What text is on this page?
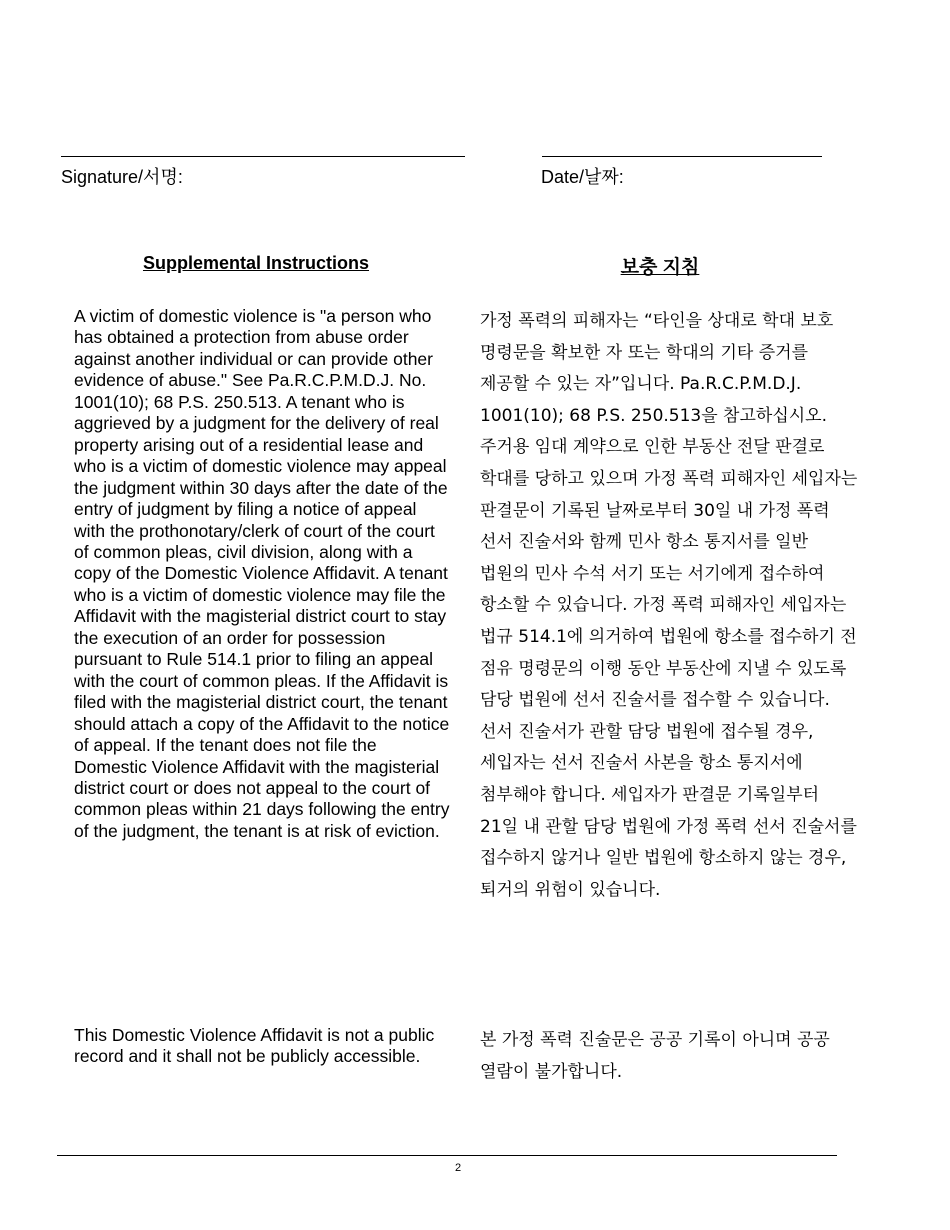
Signature/서명:	Date/날짜:
Supplemental Instructions	보충 지침

A victim of domestic violence is "a person who has obtained a protection from abuse order against another individual or can provide other evidence of abuse." See Pa.R.C.P.M.D.J. No. 1001(10); 68 P.S. 250.513. A tenant who is aggrieved by a judgment for the delivery of real property arising out of a residential lease and who is a victim of domestic violence may appeal the judgment within 30 days after the date of the entry of judgment by filing a notice of appeal with the prothonotary/clerk of court of the court of common pleas, civil division, along with a copy of the Domestic Violence Affidavit. A tenant who is a victim of domestic violence may file the Affidavit with the magisterial district court to stay the execution of an order for possession pursuant to Rule 514.1 prior to filing an appeal with the court of common pleas. If the Affidavit is filed with the magisterial district court, the tenant should attach a copy of the Affidavit to the notice of appeal. If the tenant does not file the Domestic Violence Affidavit with the magisterial district court or does not appeal to the court of common pleas within 21 days following the entry of the judgment, the tenant is at risk of eviction.

가정 폭력의 피해자는 “타인을 상대로 학대 보호 명령문을 확보한 자 또는 학대의 기타 증거를 제공할 수 있는 자”입니다. Pa.R.C.P.M.D.J. 1001(10); 68 P.S. 250.513을 참고하십시오. 주거용 임대 계약으로 인한 부동산 전달 판결로 학대를 당하고 있으며 가정 폭력 피해자인 세입자는 판결문이 기록된 날짜로부터 30일 내 가정 폭력 선서 진술서와 함께 민사 항소 통지서를 일반 법원의 민사 수석 서기 또는 서기에게 접수하여 항소할 수 있습니다. 가정 폭력 피해자인 세입자는 법규 514.1에 의거하여 법원에 항소를 접수하기 전 점유 명령문의 이행 동안 부동산에 지낼 수 있도록 담당 법원에 선서 진술서를 접수할 수 있습니다. 선서 진술서가 관할 담당 법원에 접수될 경우, 세입자는 선서 진술서 사본을 항소 통지서에 첨부해야 합니다. 세입자가 판결문 기록일부터 21일 내 관할 담당 법원에 가정 폭력 선서 진술서를 접수하지 않거나 일반 법원에 항소하지 않는 경우, 퇴거의 위험이 있습니다.

This Domestic Violence Affidavit is not a public record and it shall not be publicly accessible.

본 가정 폭력 진술문은 공공 기록이 아니며 공공 열람이 불가합니다.

2
